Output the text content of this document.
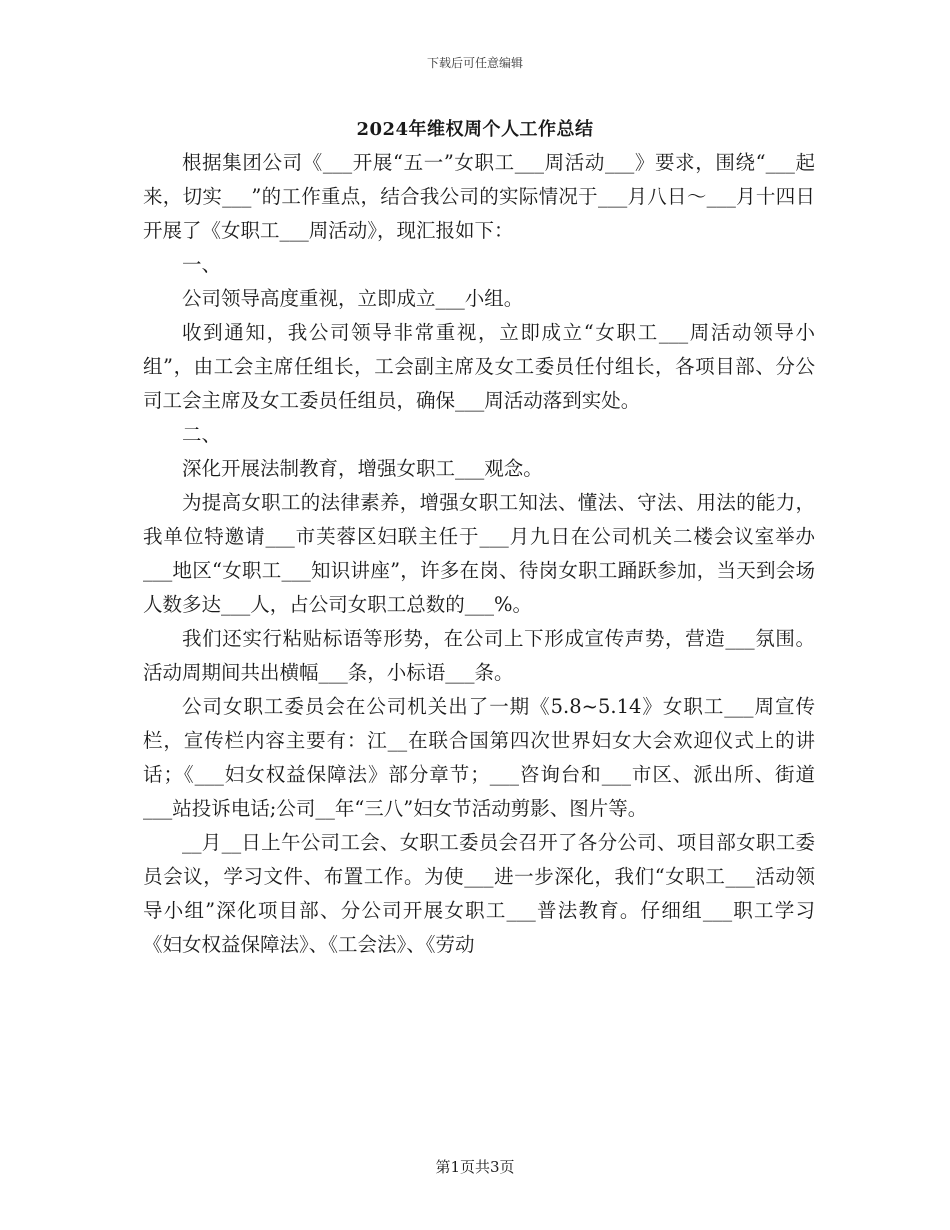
下载后可任意编辑
2024年维权周个人工作总结

根据集团公司《___开展“五一”女职工___周活动___》要求，围绕“___起来，切实___”的工作重点，结合我公司的实际情况于___月八日～___月十四日开展了《女职工___周活动》，现汇报如下：

一、

公司领导高度重视，立即成立___小组。

收到通知，我公司领导非常重视，立即成立“女职工___周活动领导小组”，由工会主席任组长，工会副主席及女工委员任付组长，各项目部、分公司工会主席及女工委员任组员，确保___周活动落到实处。

二、

深化开展法制教育，增强女职工___观念。

为提高女职工的法律素养，增强女职工知法、懂法、守法、用法的能力，我单位特邀请___市芙蓉区妇联主任于___月九日在公司机关二楼会议室举办___地区“女职工___知识讲座”，许多在岗、待岗女职工踊跃参加，当天到会场人数多达___人，占公司女职工总数的___%。

我们还实行粘贴标语等形势，在公司上下形成宣传声势，营造___氛围。活动周期间共出横幅___条，小标语___条。

公司女职工委员会在公司机关出了一期《5.8~5.14》女职工___周宣传栏，宣传栏内容主要有：江__在联合国第四次世界妇女大会欢迎仪式上的讲话；《___妇女权益保障法》部分章节；___咨询台和___市区、派出所、街道___站投诉电话;公司__年“三八”妇女节活动剪影、图片等。

__月__日上午公司工会、女职工委员会召开了各分公司、项目部女职工委员会议，学习文件、布置工作。为使___进一步深化，我们“女职工___活动领导小组”深化项目部、分公司开展女职工___普法教育。仔细组___职工学习《妇女权益保障法》、《工会法》、《劳动

第1页共3页
